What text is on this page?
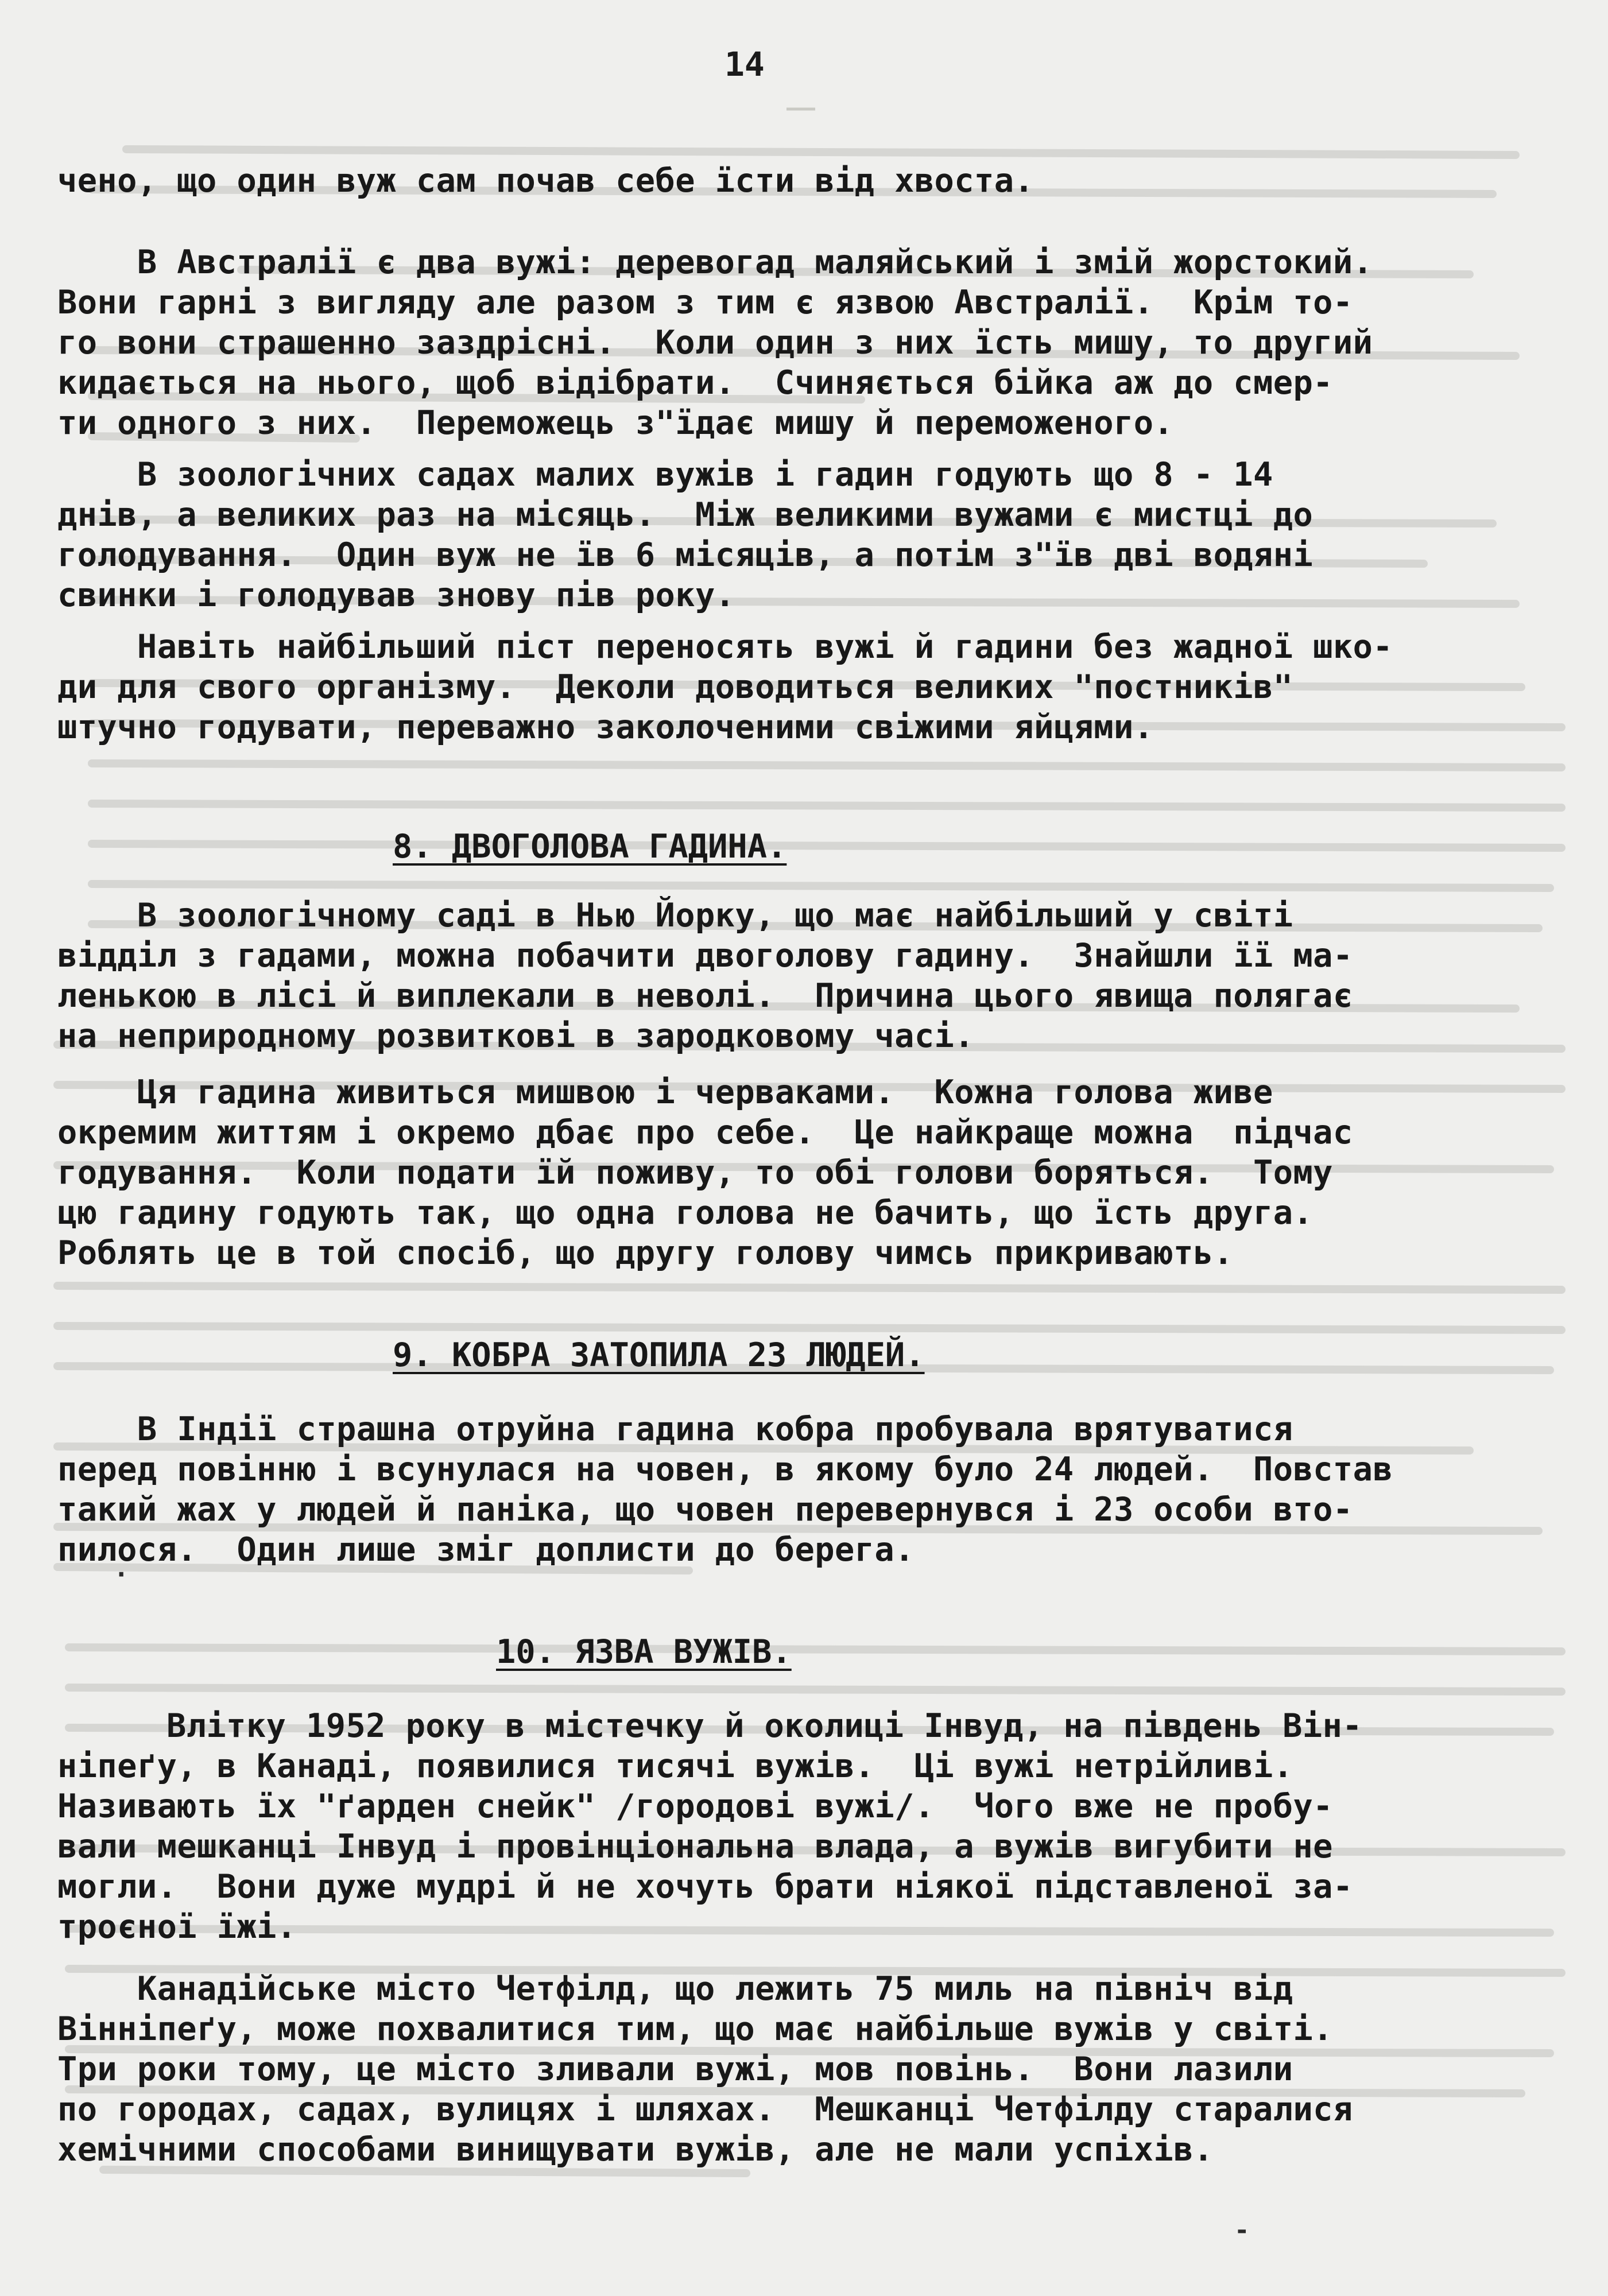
14
чено, що один вуж сам почав себе їсти від хвоста.
В Австралії є два вужі: деревогад маляйський і змій жорстокий.
Вони гарні з вигляду але разом з тим є язвою Австралії.  Крім то-
го вони страшенно заздрісні.  Коли один з них їсть мишу, то другий
кидається на нього, щоб відібрати.  Счиняється бійка аж до смер-
ти одного з них.  Переможець з"їдає мишу й переможеного.
В зоологічних садах малих вужів і гадин годують що 8 - 14
днів, а великих раз на місяць.  Між великими вужами є мистці до
голодування.  Один вуж не їв 6 місяців, а потім з"їв дві водяні
свинки і голодував знову пів року.
Навіть найбільший піст переносять вужі й гадини без жадної шко-
ди для свого організму.  Деколи доводиться великих "постників"
штучно годувати, переважно заколоченими свіжими яйцями.
8. ДВОГОЛОВА ГАДИНА.
В зоологічному саді в Нью Йорку, що має найбільший у світі
відділ з гадами, можна побачити двоголову гадину.  Знайшли її ма-
ленькою в лісі й виплекали в неволі.  Причина цього явища полягає
на неприродному розвиткові в зародковому часі.
Ця гадина живиться мишвою і черваками.  Кожна голова живе
окремим життям і окремо дбає про себе.  Це найкраще можна  підчас
годування.  Коли подати їй поживу, то обі голови боряться.  Тому
цю гадину годують так, що одна голова не бачить, що їсть друга.
Роблять це в той спосіб, що другу голову чимсь прикривають.
9. КОБРА ЗАТОПИЛА 23 ЛЮДЕЙ.
В Індії страшна отруйна гадина кобра пробувала врятуватися
перед повінню і всунулася на човен, в якому було 24 людей.  Повстав
такий жах у людей й паніка, що човен перевернувся і 23 особи вто-
пилося.  Один лише зміг доплисти до берега.
·
10. ЯЗВА ВУЖІВ.
Влітку 1952 року в містечку й околиці Інвуд, на південь Він-
ніпеґу, в Канаді, появилися тисячі вужів.  Ці вужі нетрійливі.
Називають їх "ґарден снейк" /городові вужі/.  Чого вже не пробу-
вали мешканці Інвуд і провінціональна влада, а вужів вигубити не
могли.  Вони дуже мудрі й не хочуть брати ніякої підставленої за-
троєної їжі.
Канадійське місто Четфілд, що лежить 75 миль на північ від
Вінніпеґу, може похвалитися тим, що має найбільше вужів у світі.
Три роки тому, це місто зливали вужі, мов повінь.  Вони лазили
по городах, садах, вулицях і шляхах.  Мешканці Четфілду старалися
хемічними способами винищувати вужів, але не мали успіхів.
-
